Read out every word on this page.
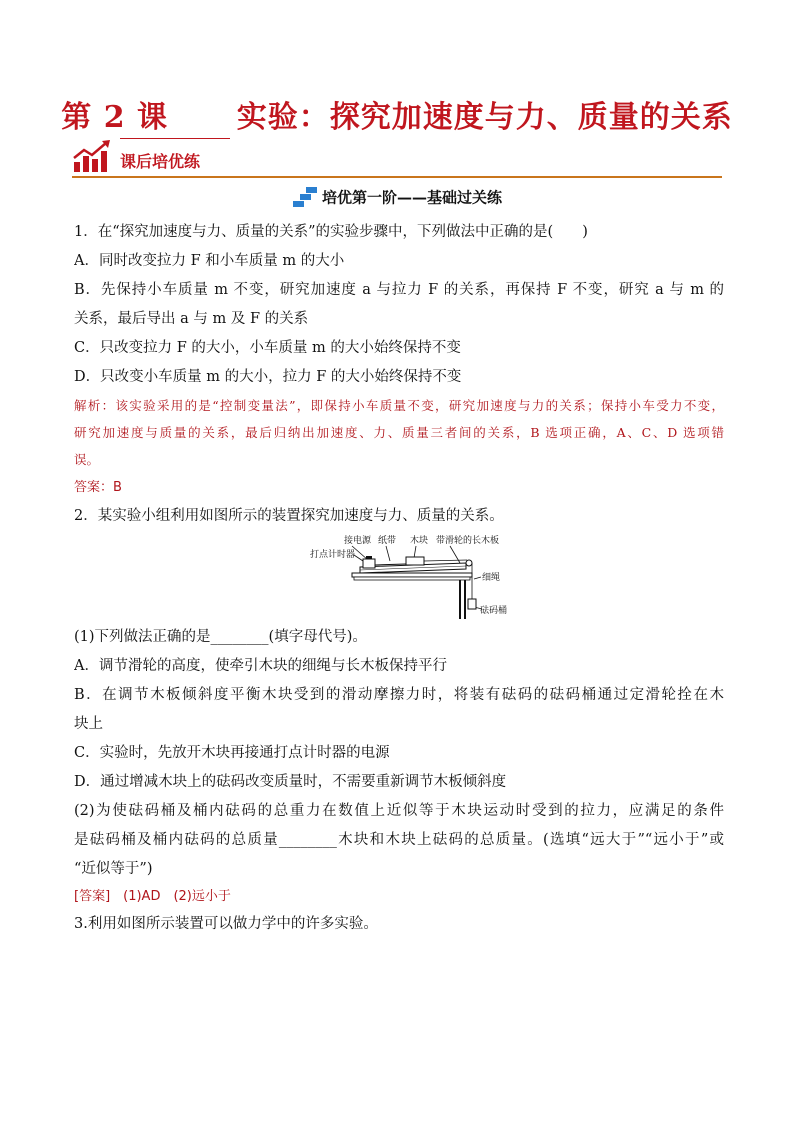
第 2 课      实验：探究加速度与力、质量的关系
课后培优练
培优第一阶——基础过关练
1．在“探究加速度与力、质量的关系”的实验步骤中，下列做法中正确的是(　　)
A．同时改变拉力 F 和小车质量 m 的大小
B．先保持小车质量 m 不变，研究加速度 a 与拉力 F 的关系，再保持 F 不变，研究 a 与 m 的
关系，最后导出 a 与 m 及 F 的关系
C．只改变拉力 F 的大小，小车质量 m 的大小始终保持不变
D．只改变小车质量 m 的大小，拉力 F 的大小始终保持不变
解析：该实验采用的是“控制变量法”，即保持小车质量不变，研究加速度与力的关系；保持小车受力不变，
研究加速度与质量的关系，最后归纳出加速度、力、质量三者间的关系，B 选项正确，A、C、D 选项错
误。
答案：B
2．某实验小组利用如图所示的装置探究加速度与力、质量的关系。
接电源 纸带 木块 带滑轮的长木板
打点计时器
细绳
砝码桶
(1)下列做法正确的是________(填字母代号)。
A．调节滑轮的高度，使牵引木块的细绳与长木板保持平行
B．在调节木板倾斜度平衡木块受到的滑动摩擦力时，将装有砝码的砝码桶通过定滑轮拴在木
块上
C．实验时，先放开木块再接通打点计时器的电源
D．通过增减木块上的砝码改变质量时，不需要重新调节木板倾斜度
(2)为使砝码桶及桶内砝码的总重力在数值上近似等于木块运动时受到的拉力，应满足的条件
是砝码桶及桶内砝码的总质量________木块和木块上砝码的总质量。(选填“远大于”“远小于”或
“近似等于”)
[答案]　(1)AD　(2)远小于
3.利用如图所示装置可以做力学中的许多实验。
